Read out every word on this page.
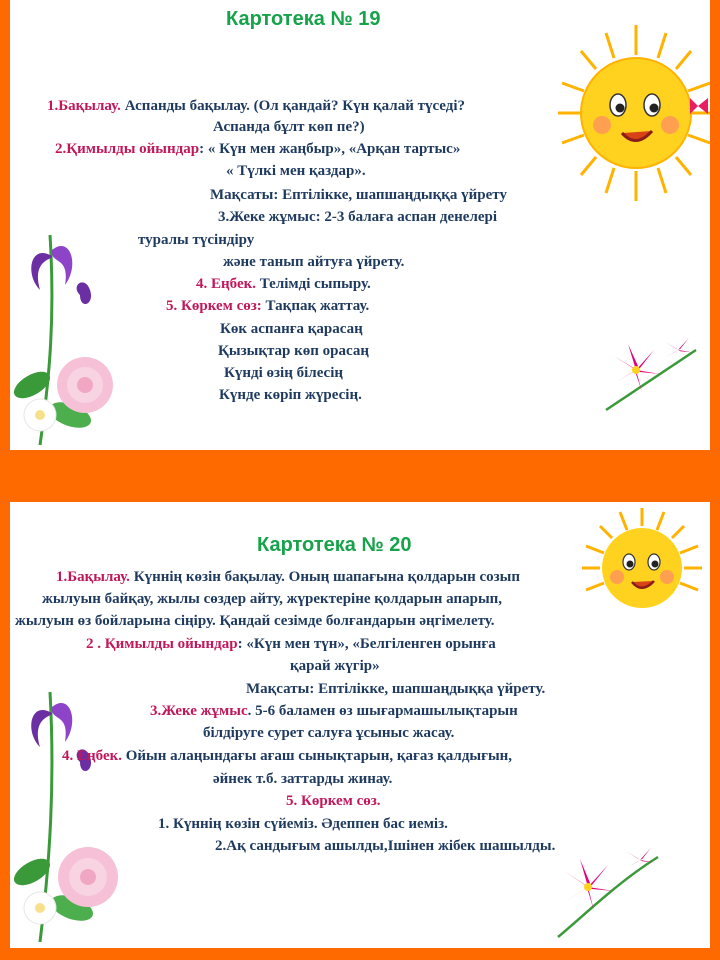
Картотека № 19
1.Бақылау. Аспанды бақылау. (Ол қандай? Күн қалай түседі?
Аспанда бұлт көп пе?)
2.Қимылды ойындар: « Күн мен жаңбыр», «Арқан тартыс»
« Түлкі мен қаздар».
Мақсаты: Ептілікке, шапшаңдыққа үйрету
3.Жеке жұмыс: 2-3 балаға аспан денелері
туралы түсіндіру
және танып айтуға үйрету.
4. Еңбек. Телімді сыпыру.
5. Көркем сөз: Тақпақ жаттау.
Көк аспанға қарасаң
Қызықтар көп орасаң
Күнді өзің білесің
Күнде көріп жүресің.
Картотека № 20
1.Бақылау. Күннің көзін бақылау. Оның шапағына қолдарын созып
жылуын байқау, жылы сөздер айту, жүректеріне қолдарын апарып,
жылуын өз бойларына сіңіру. Қандай сезімде болғандарын әңгімелету.
2 . Қимылды ойындар: «Күн мен түн», «Белгіленген орынға
қарай жүгір»
Мақсаты: Ептілікке, шапшаңдыққа үйрету.
3.Жеке жұмыс. 5-6 баламен өз шығармашылықтарын
білдіруге сурет салуға ұсыныс жасау.
4. Еңбек. Ойын алаңындағы ағаш сынықтарын, қағаз қалдығын,
әйнек т.б. заттарды жинау.
5. Көркем сөз.
1. Күннің көзін сүйеміз. Әдеппен бас иеміз.
2.Ақ сандығым ашылды,Ішінен жібек шашылды.
